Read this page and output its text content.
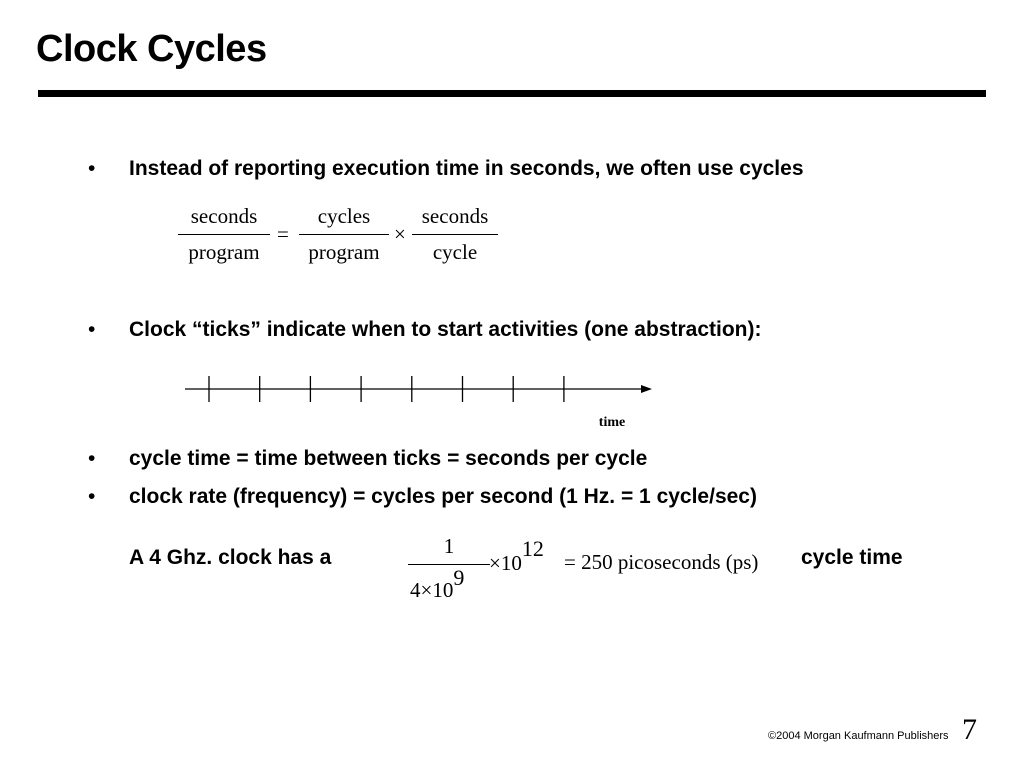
Clock Cycles
• Instead of reporting execution time in seconds, we often use cycles
seconds
program
=
cycles
program
×
seconds
cycle
• Clock “ticks” indicate when to start activities (one abstraction):
time
• cycle time = time between ticks = seconds per cycle
• clock rate (frequency) = cycles per second (1 Hz. = 1 cycle/sec)
A 4 Ghz. clock has a	1
4×109
×1012
= 250 picoseconds (ps) cycle time
©2004 Morgan Kaufmann Publishers 7
